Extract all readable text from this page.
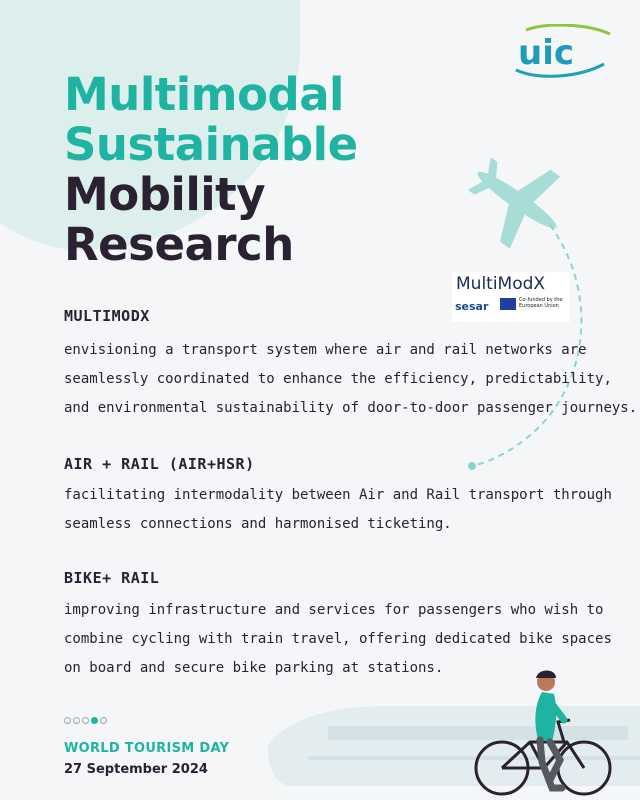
uic
Multimodal
Sustainable
Mobility
Research
MultiModX
sesar	Co-funded by the European Union
MULTIMODX

envisioning a transport system where air and rail networks are

seamlessly coordinated to enhance the efficiency, predictability,

and environmental sustainability of door-to-door passenger journeys.

AIR + RAIL (AIR+HSR)

facilitating intermodality between Air and Rail transport through

seamless connections and harmonised ticketing.

BIKE+ RAIL

improving infrastructure and services for passengers who wish to

combine cycling with train travel, offering dedicated bike spaces

on board and secure bike parking at stations.

WORLD TOURISM DAY
27 September 2024
